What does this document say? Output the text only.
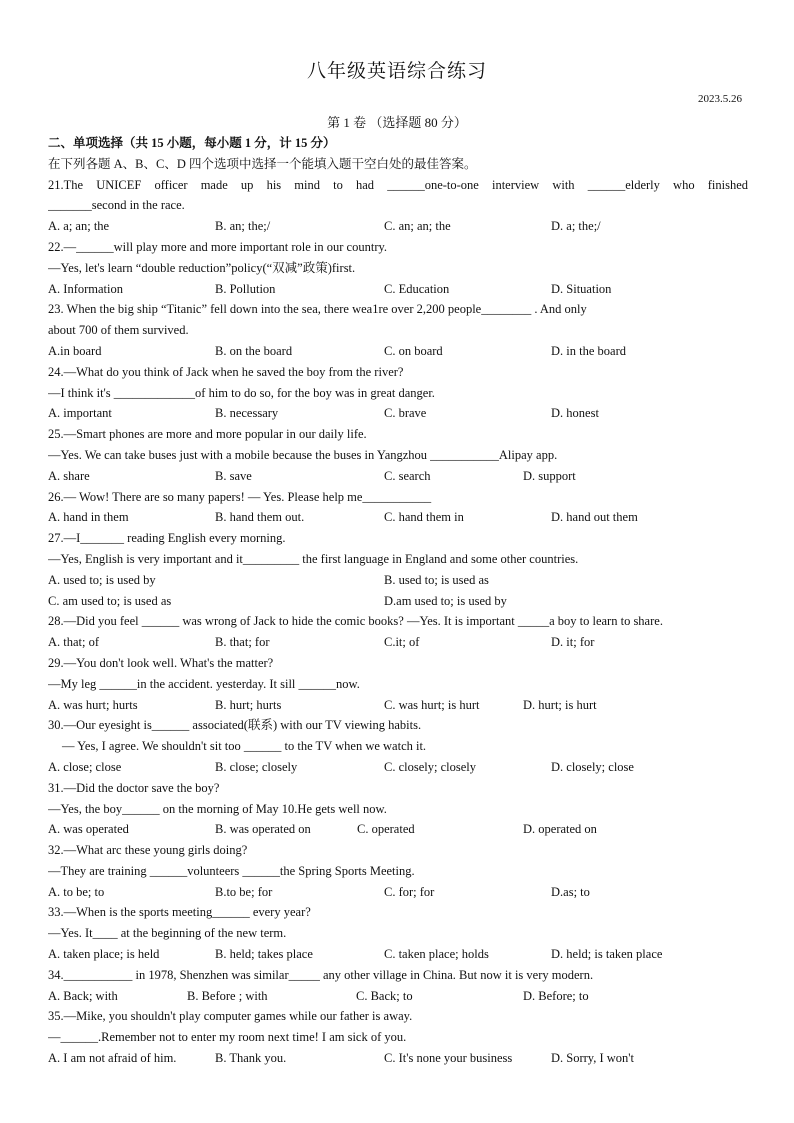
八年级英语综合练习
2023.5.26
第 1 卷 （选择题 80 分）
二、单项选择（共 15 小题，每小题 1 分，计 15 分）
在下列各题 A、B、C、D 四个选项中选择一个能填入题干空白处的最佳答案。
21.The UNICEF officer made up his mind to had ______one-to-one interview with ______elderly who finished
_______second in the race.
A. a; an; the	B. an; the;/	C. an; an; the	D. a; the;/
22.—______will play more and more important role in our country.
—Yes, let's learn “double reduction”policy(“双减”政策)first.
A. Information	B. Pollution	C. Education	D. Situation
23. When the big ship “Titanic” fell down into the sea, there wea1re over 2,200 people________ . And only
about 700 of them survived.
A.in board	B. on the board	C. on board	D. in the board
24.—What do you think of Jack when he saved the boy from the river?
—I think it's _____________of him to do so, for the boy was in great danger.
A. important	B. necessary	C. brave	D. honest
25.—Smart phones are more and more popular in our daily life.
—Yes. We can take buses just with a mobile because the buses in Yangzhou ___________Alipay app.
A. share	B. save	C. search	D. support
26.— Wow! There are so many papers! — Yes. Please help me___________
A. hand in them	B. hand them out.	C. hand them in	D. hand out them
27.—I_______ reading English every morning.
—Yes, English is very important and it_________ the first language in England and some other countries.
A. used to; is used by	B. used to; is used as
C. am used to; is used as	D.am used to; is used by
28.—Did you feel ______ was wrong of Jack to hide the comic books? —Yes. It is important _____a boy to learn to share.
A. that; of	B. that; for	C.it; of	D. it; for
29.—You don't look well. What's the matter?
—My leg ______in the accident. yesterday. It sill ______now.
A. was hurt; hurts	B. hurt; hurts	C. was hurt; is hurt	D. hurt; is hurt
30.—Our eyesight is______ associated(联系) with our TV viewing habits.
— Yes, I agree. We shouldn't sit too ______ to the TV when we watch it.
A. close; close	B. close; closely	C. closely; closely	D. closely; close
31.—Did the doctor save the boy?
—Yes, the boy______ on the morning of May 10.He gets well now.
A. was operated	B. was operated on	C. operated	D. operated on
32.—What arc these young girls doing?
—They are training ______volunteers ______the Spring Sports Meeting.
A. to be; to	B.to be; for	C. for; for	D.as; to
33.—When is the sports meeting______ every year?
—Yes. It____ at the beginning of the new term.
A. taken place; is held	B. held; takes place	C. taken place; holds	D. held; is taken place
34.___________ in 1978, Shenzhen was similar_____ any other village in China. But now it is very modern.
A. Back; with	B. Before ; with	C. Back; to	D. Before; to
35.—Mike, you shouldn't play computer games while our father is away.
—______.Remember not to enter my room next time! I am sick of you.
A. I am not afraid of him.	B. Thank you.	C. It's none your business	D. Sorry, I won't
